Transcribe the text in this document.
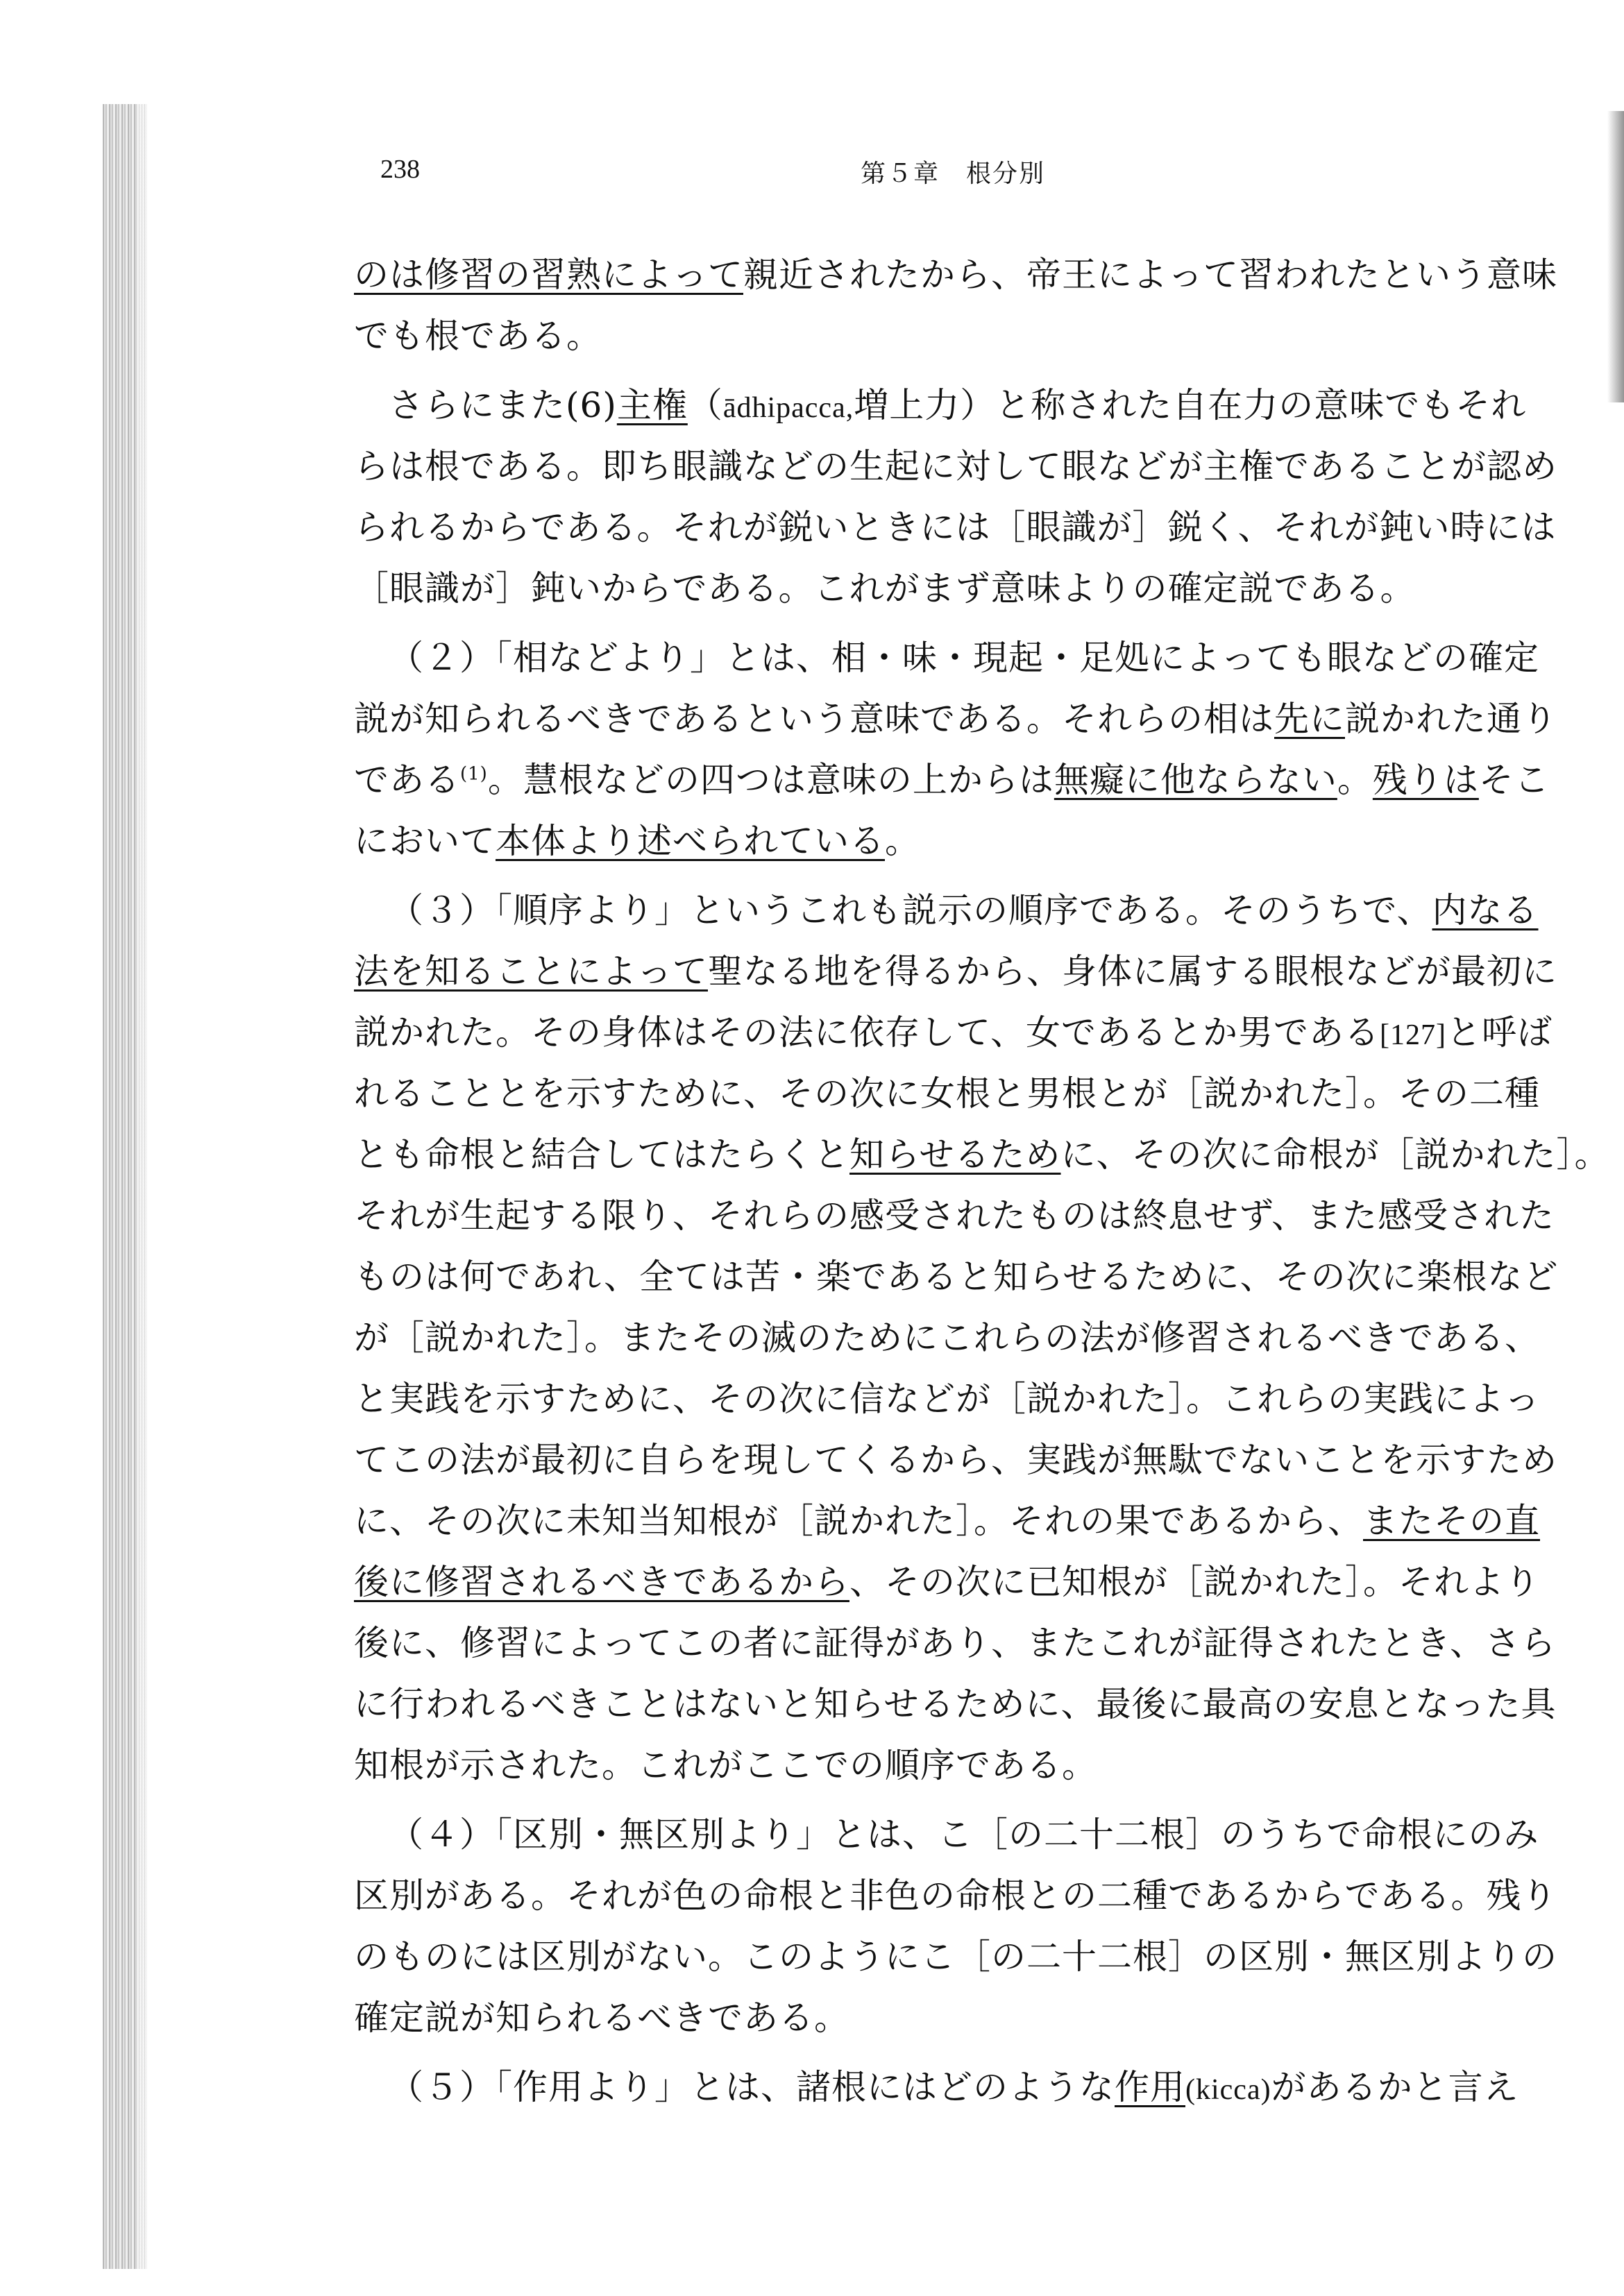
238	第５章　根分別
のは修習の習熟によって親近されたから、帝王によって習われたという意味
でも根である。
さらにまた(6)主権（ādhipacca,増上力）と称された自在力の意味でもそれ
らは根である。即ち眼識などの生起に対して眼などが主権であることが認め
られるからである。それが鋭いときには［眼識が］鋭く、それが鈍い時には
［眼識が］鈍いからである。これがまず意味よりの確定説である。
（２）「相などより」とは、相・味・現起・足処によっても眼などの確定
説が知られるべきであるという意味である。それらの相は先に説かれた通り
である$^{(1)}$。慧根などの四つは意味の上からは無癡に他ならない。残りはそこ
において本体より述べられている。
（３）「順序より」というこれも説示の順序である。そのうちで、内なる
法を知ることによって聖なる地を得るから、身体に属する眼根などが最初に
説かれた。その身体はその法に依存して、女であるとか男である[127]と呼ば
れることとを示すために、その次に女根と男根とが［説かれた］。その二種
とも命根と結合してはたらくと知らせるために、その次に命根が［説かれた］。
それが生起する限り、それらの感受されたものは終息せず、また感受された
ものは何であれ、全ては苦・楽であると知らせるために、その次に楽根など
が［説かれた］。またその滅のためにこれらの法が修習されるべきである、
と実践を示すために、その次に信などが［説かれた］。これらの実践によっ
てこの法が最初に自らを現してくるから、実践が無駄でないことを示すため
に、その次に未知当知根が［説かれた］。それの果であるから、またその直
後に修習されるべきであるから、その次に已知根が［説かれた］。それより
後に、修習によってこの者に証得があり、またこれが証得されたとき、さら
に行われるべきことはないと知らせるために、最後に最高の安息となった具
知根が示された。これがここでの順序である。
（４）「区別・無区別より」とは、こ［の二十二根］のうちで命根にのみ
区別がある。それが色の命根と非色の命根との二種であるからである。残り
のものには区別がない。このようにこ［の二十二根］の区別・無区別よりの
確定説が知られるべきである。
（５）「作用より」とは、諸根にはどのような作用(kicca)があるかと言え
